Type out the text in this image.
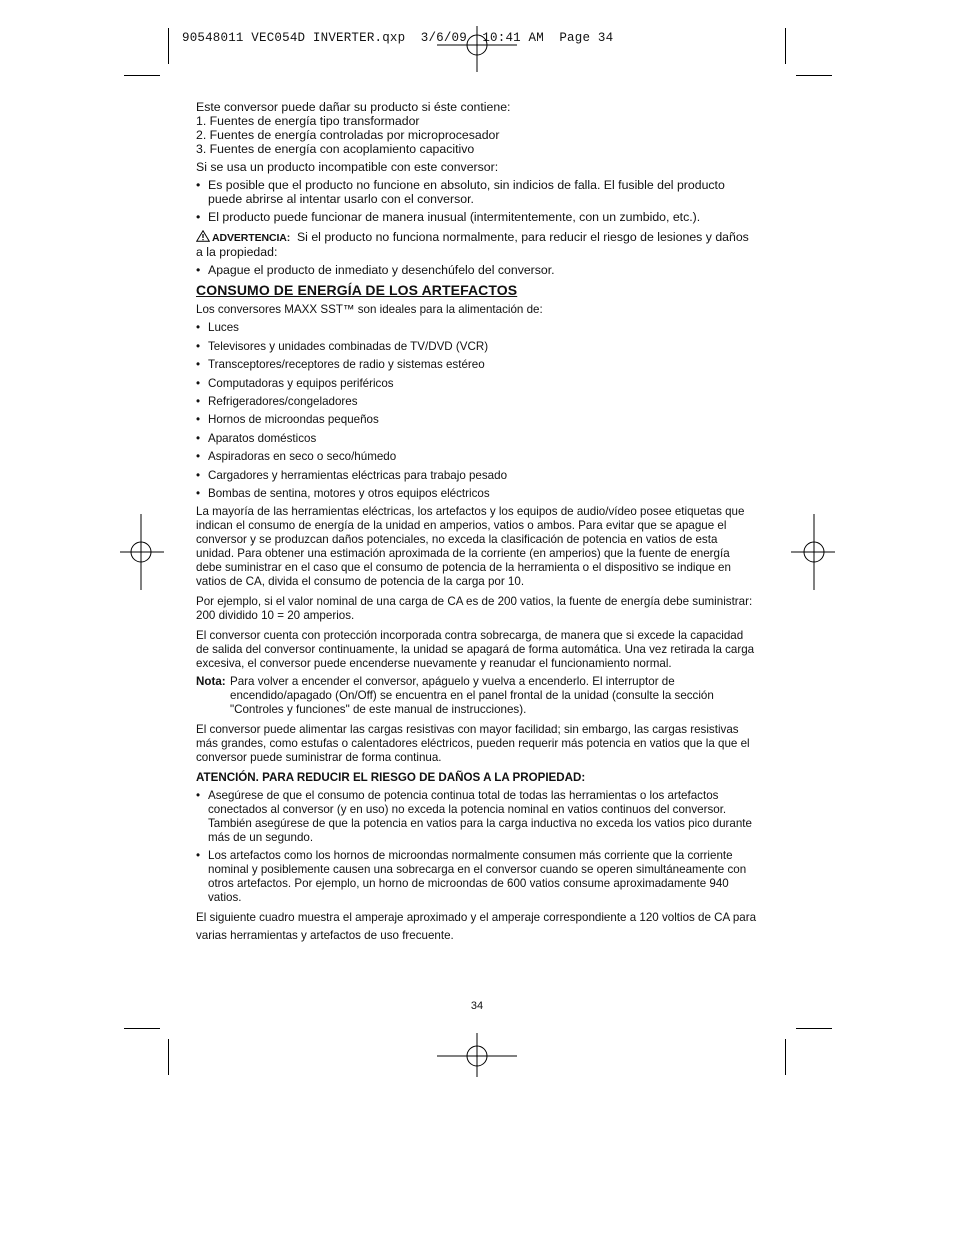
90548011 VEC054D INVERTER.qxp  3/6/09  10:41 AM  Page 34

Este conversor puede dañar su producto si éste contiene:

1. Fuentes de energía tipo transformador

2. Fuentes de energía controladas por microprocesador

3. Fuentes de energía con acoplamiento capacitivo

Si se usa un producto incompatible con este conversor:

• Es posible que el producto no funcione en absoluto, sin indicios de falla. El fusible del producto puede abrirse al intentar usarlo con el conversor.

• El producto puede funcionar de manera inusual (intermitentemente, con un zumbido, etc.).

ADVERTENCIA: Si el producto no funciona normalmente, para reducir el riesgo de lesiones y daños a la propiedad:

• Apague el producto de inmediato y desenchúfelo del conversor.

CONSUMO DE ENERGÍA DE LOS ARTEFACTOS

Los conversores MAXX SST™ son ideales para la alimentación de:

• Luces

• Televisores y unidades combinadas de TV/DVD (VCR)

• Transceptores/receptores de radio y sistemas estéreo

• Computadoras y equipos periféricos

• Refrigeradores/congeladores

• Hornos de microondas pequeños

• Aparatos domésticos

• Aspiradoras en seco o seco/húmedo

• Cargadores y herramientas eléctricas para trabajo pesado

• Bombas de sentina, motores y otros equipos eléctricos

La mayoría de las herramientas eléctricas, los artefactos y los equipos de audio/vídeo posee etiquetas que indican el consumo de energía de la unidad en amperios, vatios o ambos. Para evitar que se apague el conversor y se produzcan daños potenciales, no exceda la clasificación de potencia en vatios de esta unidad. Para obtener una estimación aproximada de la corriente (en amperios) que la fuente de energía debe suministrar en el caso que el consumo de potencia de la herramienta o el dispositivo se indique en vatios de CA, divida el consumo de potencia de la carga por 10.

Por ejemplo, si el valor nominal de una carga de CA es de 200 vatios, la fuente de energía debe suministrar: 200 dividido 10 = 20 amperios.

El conversor cuenta con protección incorporada contra sobrecarga, de manera que si excede la capacidad de salida del conversor continuamente, la unidad se apagará de forma automática. Una vez retirada la carga excesiva, el conversor puede encenderse nuevamente y reanudar el funcionamiento normal.

Nota: Para volver a encender el conversor, apáguelo y vuelva a encenderlo. El interruptor de encendido/apagado (On/Off) se encuentra en el panel frontal de la unidad (consulte la sección "Controles y funciones" de este manual de instrucciones).

El conversor puede alimentar las cargas resistivas con mayor facilidad; sin embargo, las cargas resistivas más grandes, como estufas o calentadores eléctricos, pueden requerir más potencia en vatios que la que el conversor puede suministrar de forma continua.

ATENCIÓN. PARA REDUCIR EL RIESGO DE DAÑOS A LA PROPIEDAD:

• Asegúrese de que el consumo de potencia continua total de todas las herramientas o los artefactos conectados al conversor (y en uso) no exceda la potencia nominal en vatios continuos del conversor. También asegúrese de que la potencia en vatios para la carga inductiva no exceda los vatios pico durante más de un segundo.

• Los artefactos como los hornos de microondas normalmente consumen más corriente que la corriente nominal y posiblemente causen una sobrecarga en el conversor cuando se operen simultáneamente con otros artefactos. Por ejemplo, un horno de microondas de 600 vatios consume aproximadamente 940 vatios.

El siguiente cuadro muestra el amperaje aproximado y el amperaje correspondiente a 120 voltios de CA para varias herramientas y artefactos de uso frecuente.

34
